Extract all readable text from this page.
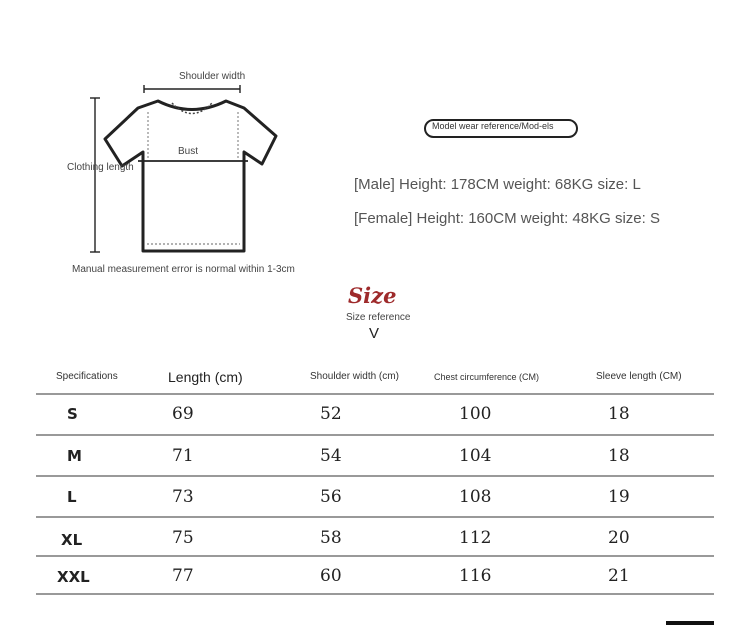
Shoulder width
Bust
Clothing length
Manual measurement error is normal within 1-3cm
Model wear reference/Mod-els
[Male] Height: 178CM weight: 68KG size: L
[Female] Height: 160CM weight: 48KG size: S
Size
Size reference
V
Specifications	Length (cm)	Shoulder width (cm)	Chest circumference (CM)	Sleeve length (CM)
S	69	52	100	18
M	71	54	104	18
L	73	56	108	19
XL	75	58	112	20
XXL	77	60	116	21
